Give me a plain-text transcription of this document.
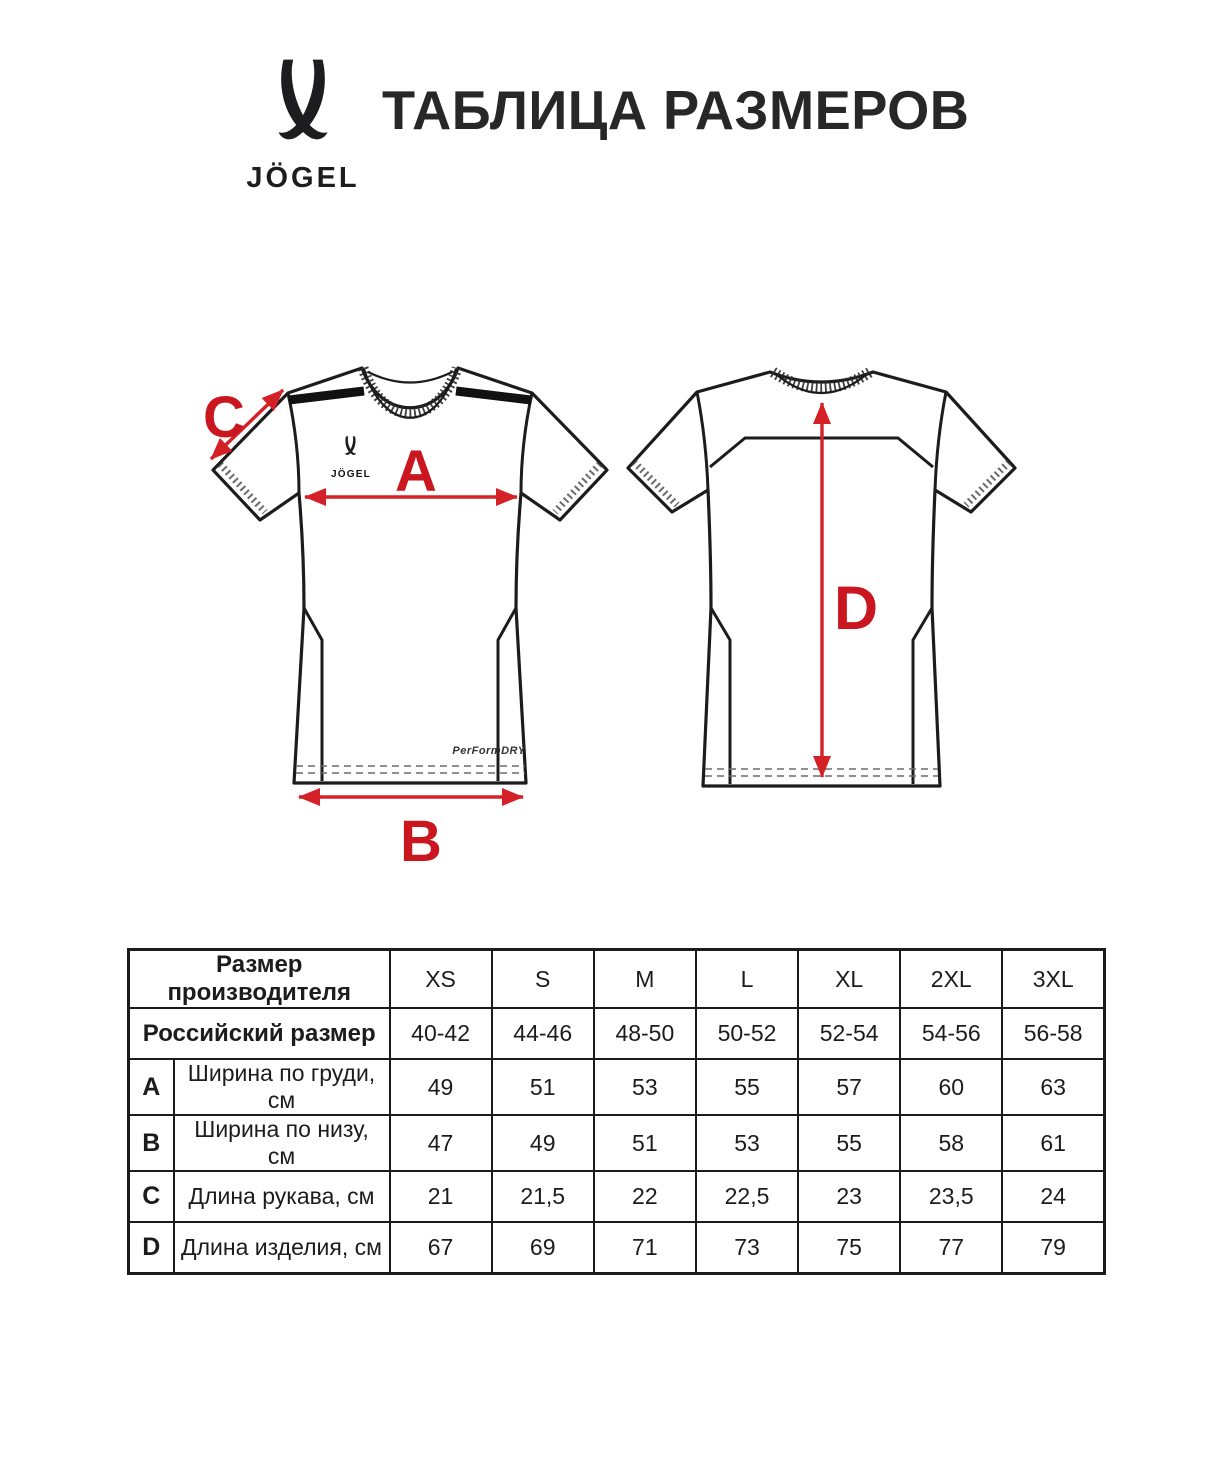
JÖGEL
ТАБЛИЦА РАЗМЕРОВ
JÖGEL
PerFormDRY
A
B
C
D
Размер производителя		XS	S	M	L	XL	2XL	3XL
Российский размер		40-42	44-46	48-50	50-52	52-54	54-56	56-58
A	Ширина по груди, см	49	51	53	55	57	60	63
B	Ширина по низу, см	47	49	51	53	55	58	61
C	Длина рукава, см	21	21,5	22	22,5	23	23,5	24
D	Длина изделия, см	67	69	71	73	75	77	79
